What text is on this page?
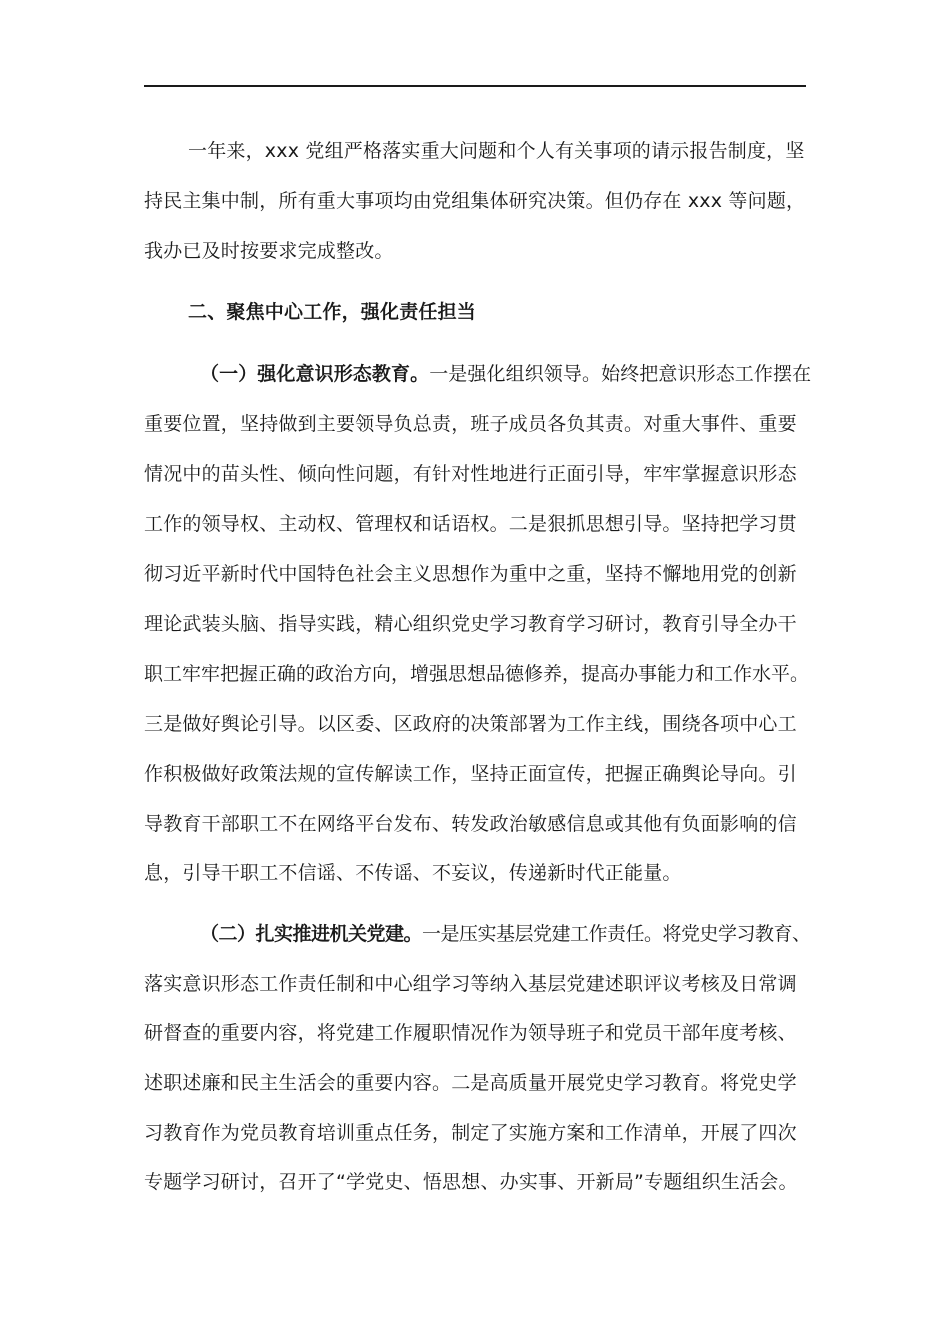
一年来，xxx 党组严格落实重大问题和个人有关事项的请示报告制度，坚
持民主集中制，所有重大事项均由党组集体研究决策。但仍存在 xxx 等问题，
我办已及时按要求完成整改。
二、聚焦中心工作，强化责任担当
（一）强化意识形态教育。一是强化组织领导。始终把意识形态工作摆在
重要位置，坚持做到主要领导负总责，班子成员各负其责。对重大事件、重要
情况中的苗头性、倾向性问题，有针对性地进行正面引导，牢牢掌握意识形态
工作的领导权、主动权、管理权和话语权。二是狠抓思想引导。坚持把学习贯
彻习近平新时代中国特色社会主义思想作为重中之重，坚持不懈地用党的创新
理论武装头脑、指导实践，精心组织党史学习教育学习研讨，教育引导全办干
职工牢牢把握正确的政治方向，增强思想品德修养，提高办事能力和工作水平。
三是做好舆论引导。以区委、区政府的决策部署为工作主线，围绕各项中心工
作积极做好政策法规的宣传解读工作，坚持正面宣传，把握正确舆论导向。引
导教育干部职工不在网络平台发布、转发政治敏感信息或其他有负面影响的信
息，引导干职工不信谣、不传谣、不妄议，传递新时代正能量。
（二）扎实推进机关党建。一是压实基层党建工作责任。将党史学习教育、
落实意识形态工作责任制和中心组学习等纳入基层党建述职评议考核及日常调
研督查的重要内容，将党建工作履职情况作为领导班子和党员干部年度考核、
述职述廉和民主生活会的重要内容。二是高质量开展党史学习教育。将党史学
习教育作为党员教育培训重点任务，制定了实施方案和工作清单，开展了四次
专题学习研讨，召开了“学党史、悟思想、办实事、开新局”专题组织生活会。
